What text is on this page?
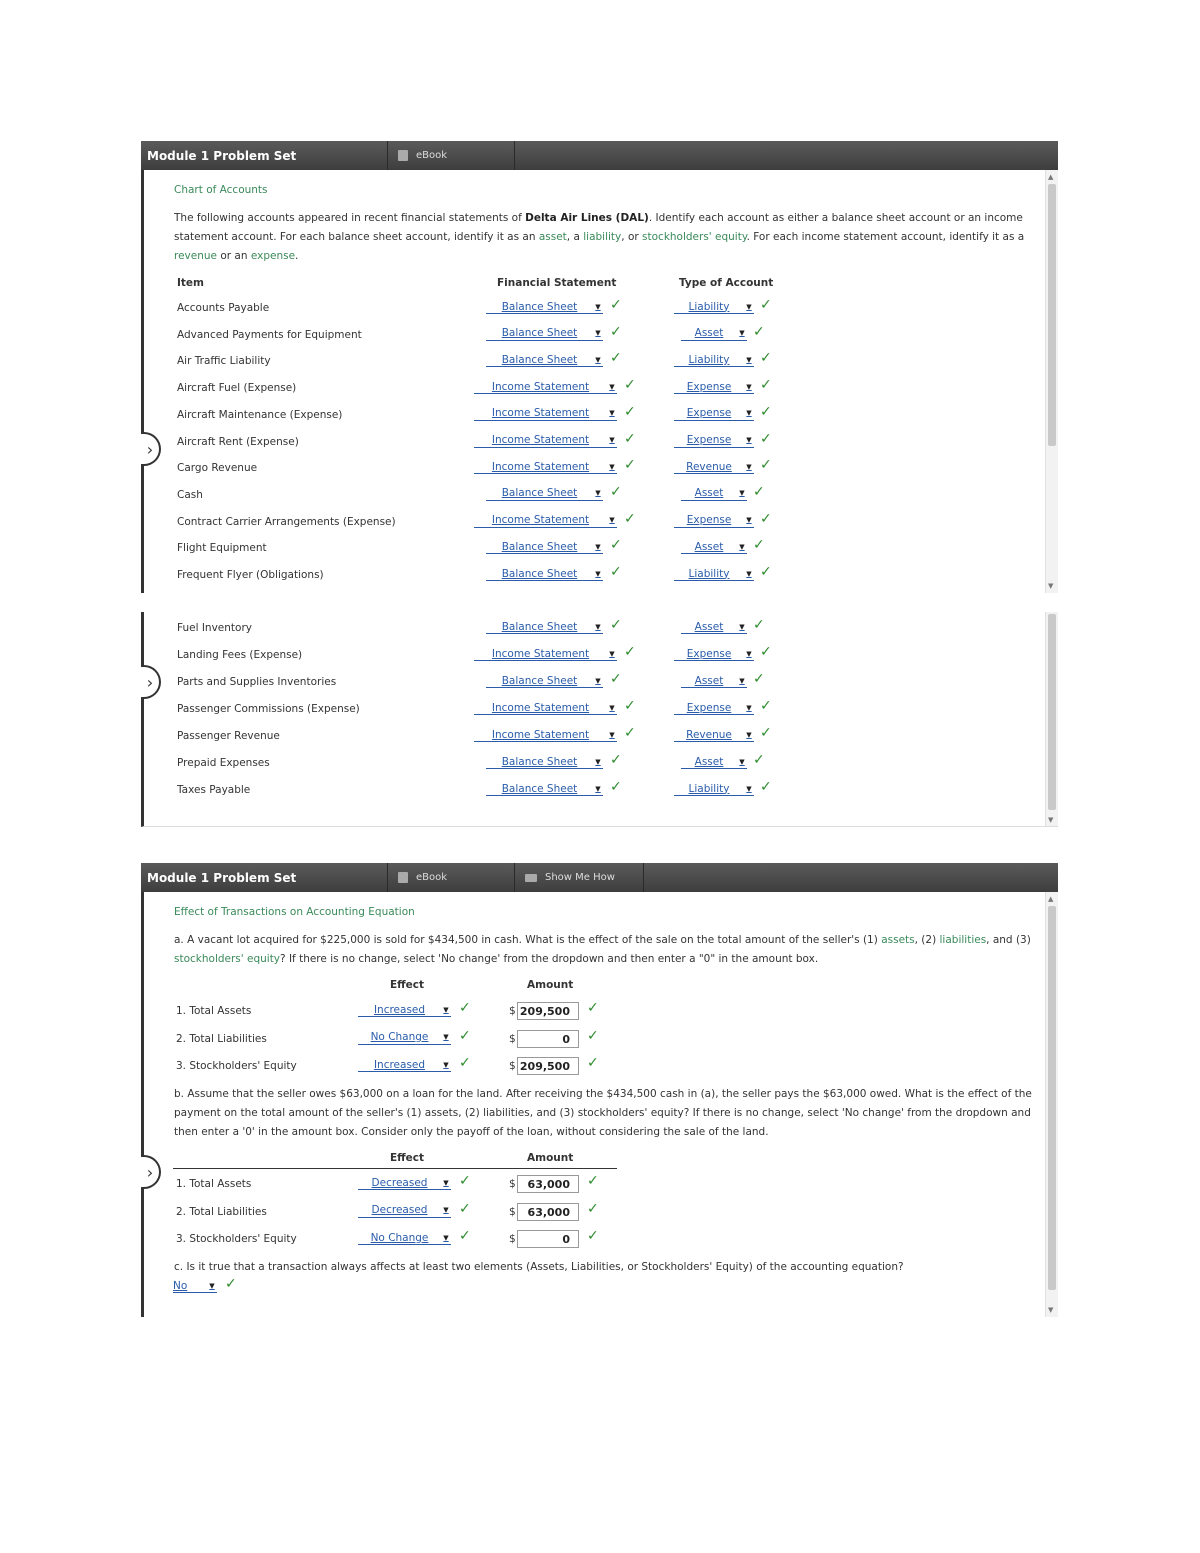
Module 1 Problem Set	eBook
▲
▼
›
Chart of Accounts
The following accounts appeared in recent financial statements of Delta Air Lines (DAL). Identify each account as either a balance sheet account or an income statement account. For each balance sheet account, identify it as an asset, a liability, or stockholders' equity. For each income statement account, identify it as a revenue or an expense.
Item	Financial Statement	Type of Account
Accounts Payable	Balance Sheet	▼ ✓	Liability	▼ ✓
Advanced Payments for Equipment	Balance Sheet	▼ ✓	Asset	▼ ✓
Air Traffic Liability	Balance Sheet	▼ ✓	Liability	▼ ✓
Aircraft Fuel (Expense)	Income Statement	▼ ✓	Expense	▼ ✓
Aircraft Maintenance (Expense)	Income Statement	▼ ✓	Expense	▼ ✓
Aircraft Rent (Expense)	Income Statement	▼ ✓	Expense	▼ ✓
Cargo Revenue	Income Statement	▼ ✓	Revenue	▼ ✓
Cash	Balance Sheet	▼ ✓	Asset	▼ ✓
Contract Carrier Arrangements (Expense)	Income Statement	▼ ✓	Expense	▼ ✓
Flight Equipment	Balance Sheet	▼ ✓	Asset	▼ ✓
Frequent Flyer (Obligations)	Balance Sheet	▼ ✓	Liability	▼ ✓
▼
›
Fuel Inventory	Balance Sheet	▼ ✓	Asset	▼ ✓
Landing Fees (Expense)	Income Statement	▼ ✓	Expense	▼ ✓
Parts and Supplies Inventories	Balance Sheet	▼ ✓	Asset	▼ ✓
Passenger Commissions (Expense)	Income Statement	▼ ✓	Expense	▼ ✓
Passenger Revenue	Income Statement	▼ ✓	Revenue	▼ ✓
Prepaid Expenses	Balance Sheet	▼ ✓	Asset	▼ ✓
Taxes Payable	Balance Sheet	▼ ✓	Liability	▼ ✓
Module 1 Problem Set	eBook	Show Me How
▲
▼
›
Effect of Transactions on Accounting Equation
a. A vacant lot acquired for $225,000 is sold for $434,500 in cash. What is the effect of the sale on the total amount of the seller's (1) assets, (2) liabilities, and (3) stockholders' equity? If there is no change, select 'No change' from the dropdown and then enter a "0" in the amount box.
Effect	Amount
1. Total Assets	Increased	▼ ✓	$ 209,500	✓
2. Total Liabilities	No Change	▼ ✓	$	0	✓
3. Stockholders' Equity	Increased	▼ ✓	$ 209,500	✓
b. Assume that the seller owes $63,000 on a loan for the land. After receiving the $434,500 cash in (a), the seller pays the $63,000 owed. What is the effect of the payment on the total amount of the seller's (1) assets, (2) liabilities, and (3) stockholders' equity? If there is no change, select 'No change' from the dropdown and then enter a '0' in the amount box. Consider only the payoff of the loan, without considering the sale of the land.
Effect	Amount
1. Total Assets	Decreased	▼ ✓	$	63,000	✓
2. Total Liabilities	Decreased	▼ ✓	$	63,000	✓
3. Stockholders' Equity	No Change	▼ ✓	$	0	✓
c. Is it true that a transaction always affects at least two elements (Assets, Liabilities, or Stockholders' Equity) of the accounting equation?
No	▼ ✓
